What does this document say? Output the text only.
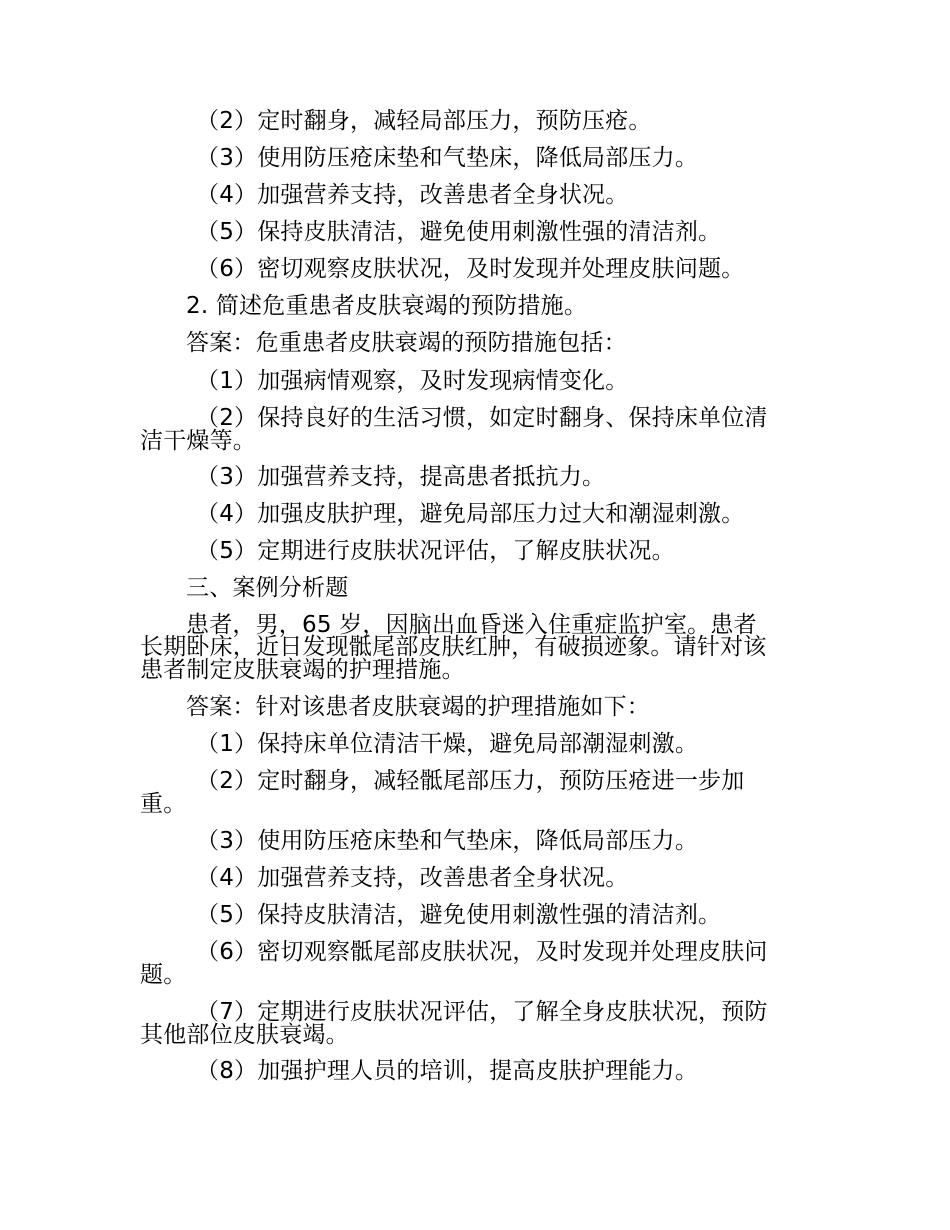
（2）定时翻身，减轻局部压力，预防压疮。
（3）使用防压疮床垫和气垫床，降低局部压力。
（4）加强营养支持，改善患者全身状况。
（5）保持皮肤清洁，避免使用刺激性强的清洁剂。
（6）密切观察皮肤状况，及时发现并处理皮肤问题。
2. 简述危重患者皮肤衰竭的预防措施。
答案：危重患者皮肤衰竭的预防措施包括：
（1）加强病情观察，及时发现病情变化。
（2）保持良好的生活习惯，如定时翻身、保持床单位清
洁干燥等。
（3）加强营养支持，提高患者抵抗力。
（4）加强皮肤护理，避免局部压力过大和潮湿刺激。
（5）定期进行皮肤状况评估，了解皮肤状况。
三、案例分析题
患者，男，65 岁，因脑出血昏迷入住重症监护室。患者
长期卧床，近日发现骶尾部皮肤红肿，有破损迹象。请针对该
患者制定皮肤衰竭的护理措施。
答案：针对该患者皮肤衰竭的护理措施如下：
（1）保持床单位清洁干燥，避免局部潮湿刺激。
（2）定时翻身，减轻骶尾部压力，预防压疮进一步加
重。
（3）使用防压疮床垫和气垫床，降低局部压力。
（4）加强营养支持，改善患者全身状况。
（5）保持皮肤清洁，避免使用刺激性强的清洁剂。
（6）密切观察骶尾部皮肤状况，及时发现并处理皮肤问
题。
（7）定期进行皮肤状况评估，了解全身皮肤状况，预防
其他部位皮肤衰竭。
（8）加强护理人员的培训，提高皮肤护理能力。
